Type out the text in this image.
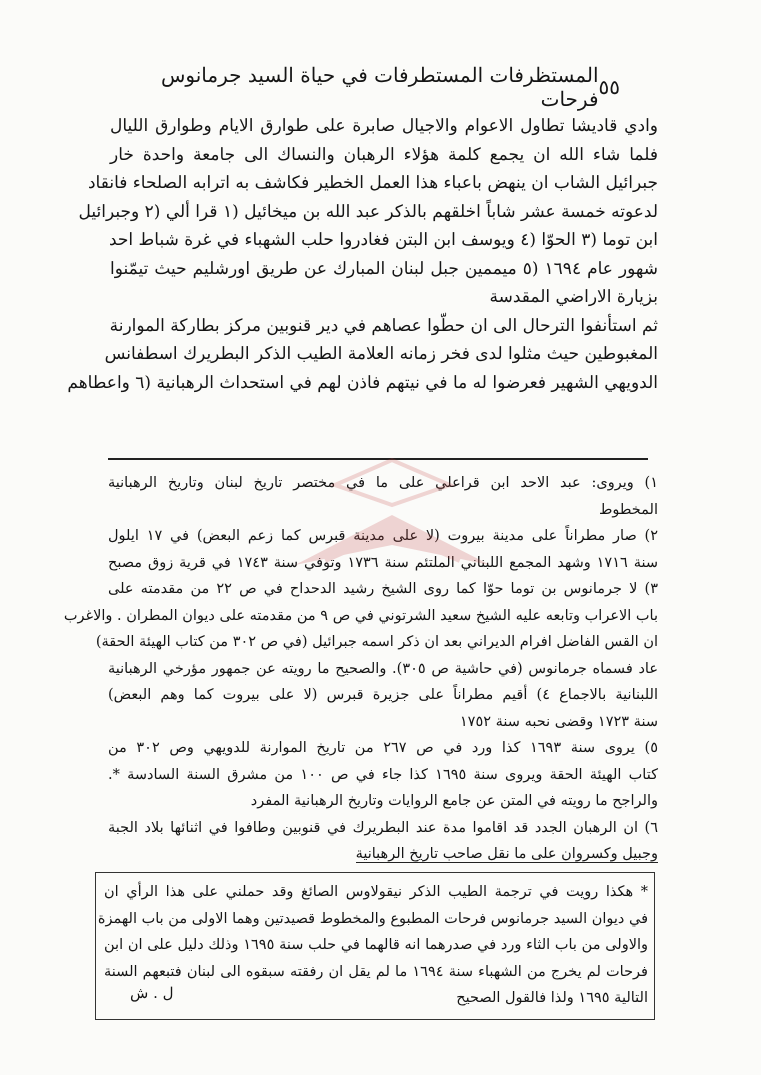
المستظرفات المستطرفات في حياة السيد جرمانوس فرحات ٥٥
وادي قاديشا تطاول الاعوام والاجيال صابرة على طوارق الايام وطوارق الليال
فلما شاء الله ان يجمع كلمة هؤلاء الرهبان والنساك الى جامعة واحدة خار
جبرائيل الشاب ان ينهض باعباء هذا العمل الخطير فكاشف به اترابه الصلحاء فانقاد
لدعوته خمسة عشر شاباً اخلقهم بالذكر عبد الله بن ميخائيل (١ قرا ألي (٢ وجبرائيل
ابن توما (٣ الحوّا (٤ ويوسف ابن البتن فغادروا حلب الشهباء في غرة شباط احد
شهور عام ١٦٩٤ (٥ ميممين جبل لبنان المبارك عن طريق اورشليم حيث تيمّنوا
بزيارة الاراضي المقدسة
ثم استأنفوا الترحال الى ان حطّوا عصاهم في دير قنوبين مركز بطاركة الموارنة
المغبوطين حيث مثلوا لدى فخر زمانه العلامة الطيب الذكر البطريرك اسطفانس
الدويهي الشهير فعرضوا له ما في نيتهم فاذن لهم في استحداث الرهبانية (٦ واعطاهم
١) ويروى: عبد الاحد ابن قراعلي على ما في مختصر تاريخ لبنان وتاريخ الرهبانية
المخطوط
٢) صار مطراناً على مدينة بيروت (لا على مدينة قبرس كما زعم البعض) في ١٧ ايلول
سنة ١٧١٦ وشهد المجمع اللبناني الملتئم سنة ١٧٣٦ وتوفي سنة ١٧٤٣ في قرية زوق مصبح
٣) لا جرمانوس بن توما حوّا كما روى الشيخ رشيد الدحداح في ص ٢٢ من مقدمته على
باب الاعراب وتابعه عليه الشيخ سعيد الشرتوني في ص ٩ من مقدمته على ديوان المطران . والاغرب
ان القس الفاضل افرام الديراني بعد ان ذكر اسمه جبرائيل (في ص ٣٠٢ من كتاب الهيئة الحقة)
عاد فسماه جرمانوس (في حاشية ص ٣٠٥). والصحيح ما رويته عن جمهور مؤرخي الرهبانية
اللبنانية بالاجماع ٤) أقيم مطراناً على جزيرة قبرس (لا على بيروت كما وهم البعض)
سنة ١٧٢٣ وقضى نحبه سنة ١٧٥٢
٥) يروى سنة ١٦٩٣ كذا ورد في ص ٢٦٧ من تاريخ الموارنة للدويهي وص ٣٠٢ من
كتاب الهيئة الحقة ويروى سنة ١٦٩٥ كذا جاء في ص ١٠٠ من مشرق السنة السادسة *.
والراجح ما رويته في المتن عن جامع الروايات وتاريخ الرهبانية المفرد
٦) ان الرهبان الجدد قد اقاموا مدة عند البطريرك في قنوبين وطافوا في اثنائها بلاد الجبة
وجبيل وكسروان على ما نقل صاحب تاريخ الرهبانية
* هكذا رويت في ترجمة الطيب الذكر نيقولاوس الصائغ وقد حملني على هذا الرأي ان
في ديوان السيد جرمانوس فرحات المطبوع والمخطوط قصيدتين وهما الاولى من باب الهمزة
والاولى من باب الثاء ورد في صدرهما انه قالهما في حلب سنة ١٦٩٥ وذلك دليل على ان ابن
فرحات لم يخرج من الشهباء سنة ١٦٩٤ ما لم يقل ان رفقته سبقوه الى لبنان فتبعهم السنة
التالية ١٦٩٥ ولذا فالقول الصحيح
ل . ش
